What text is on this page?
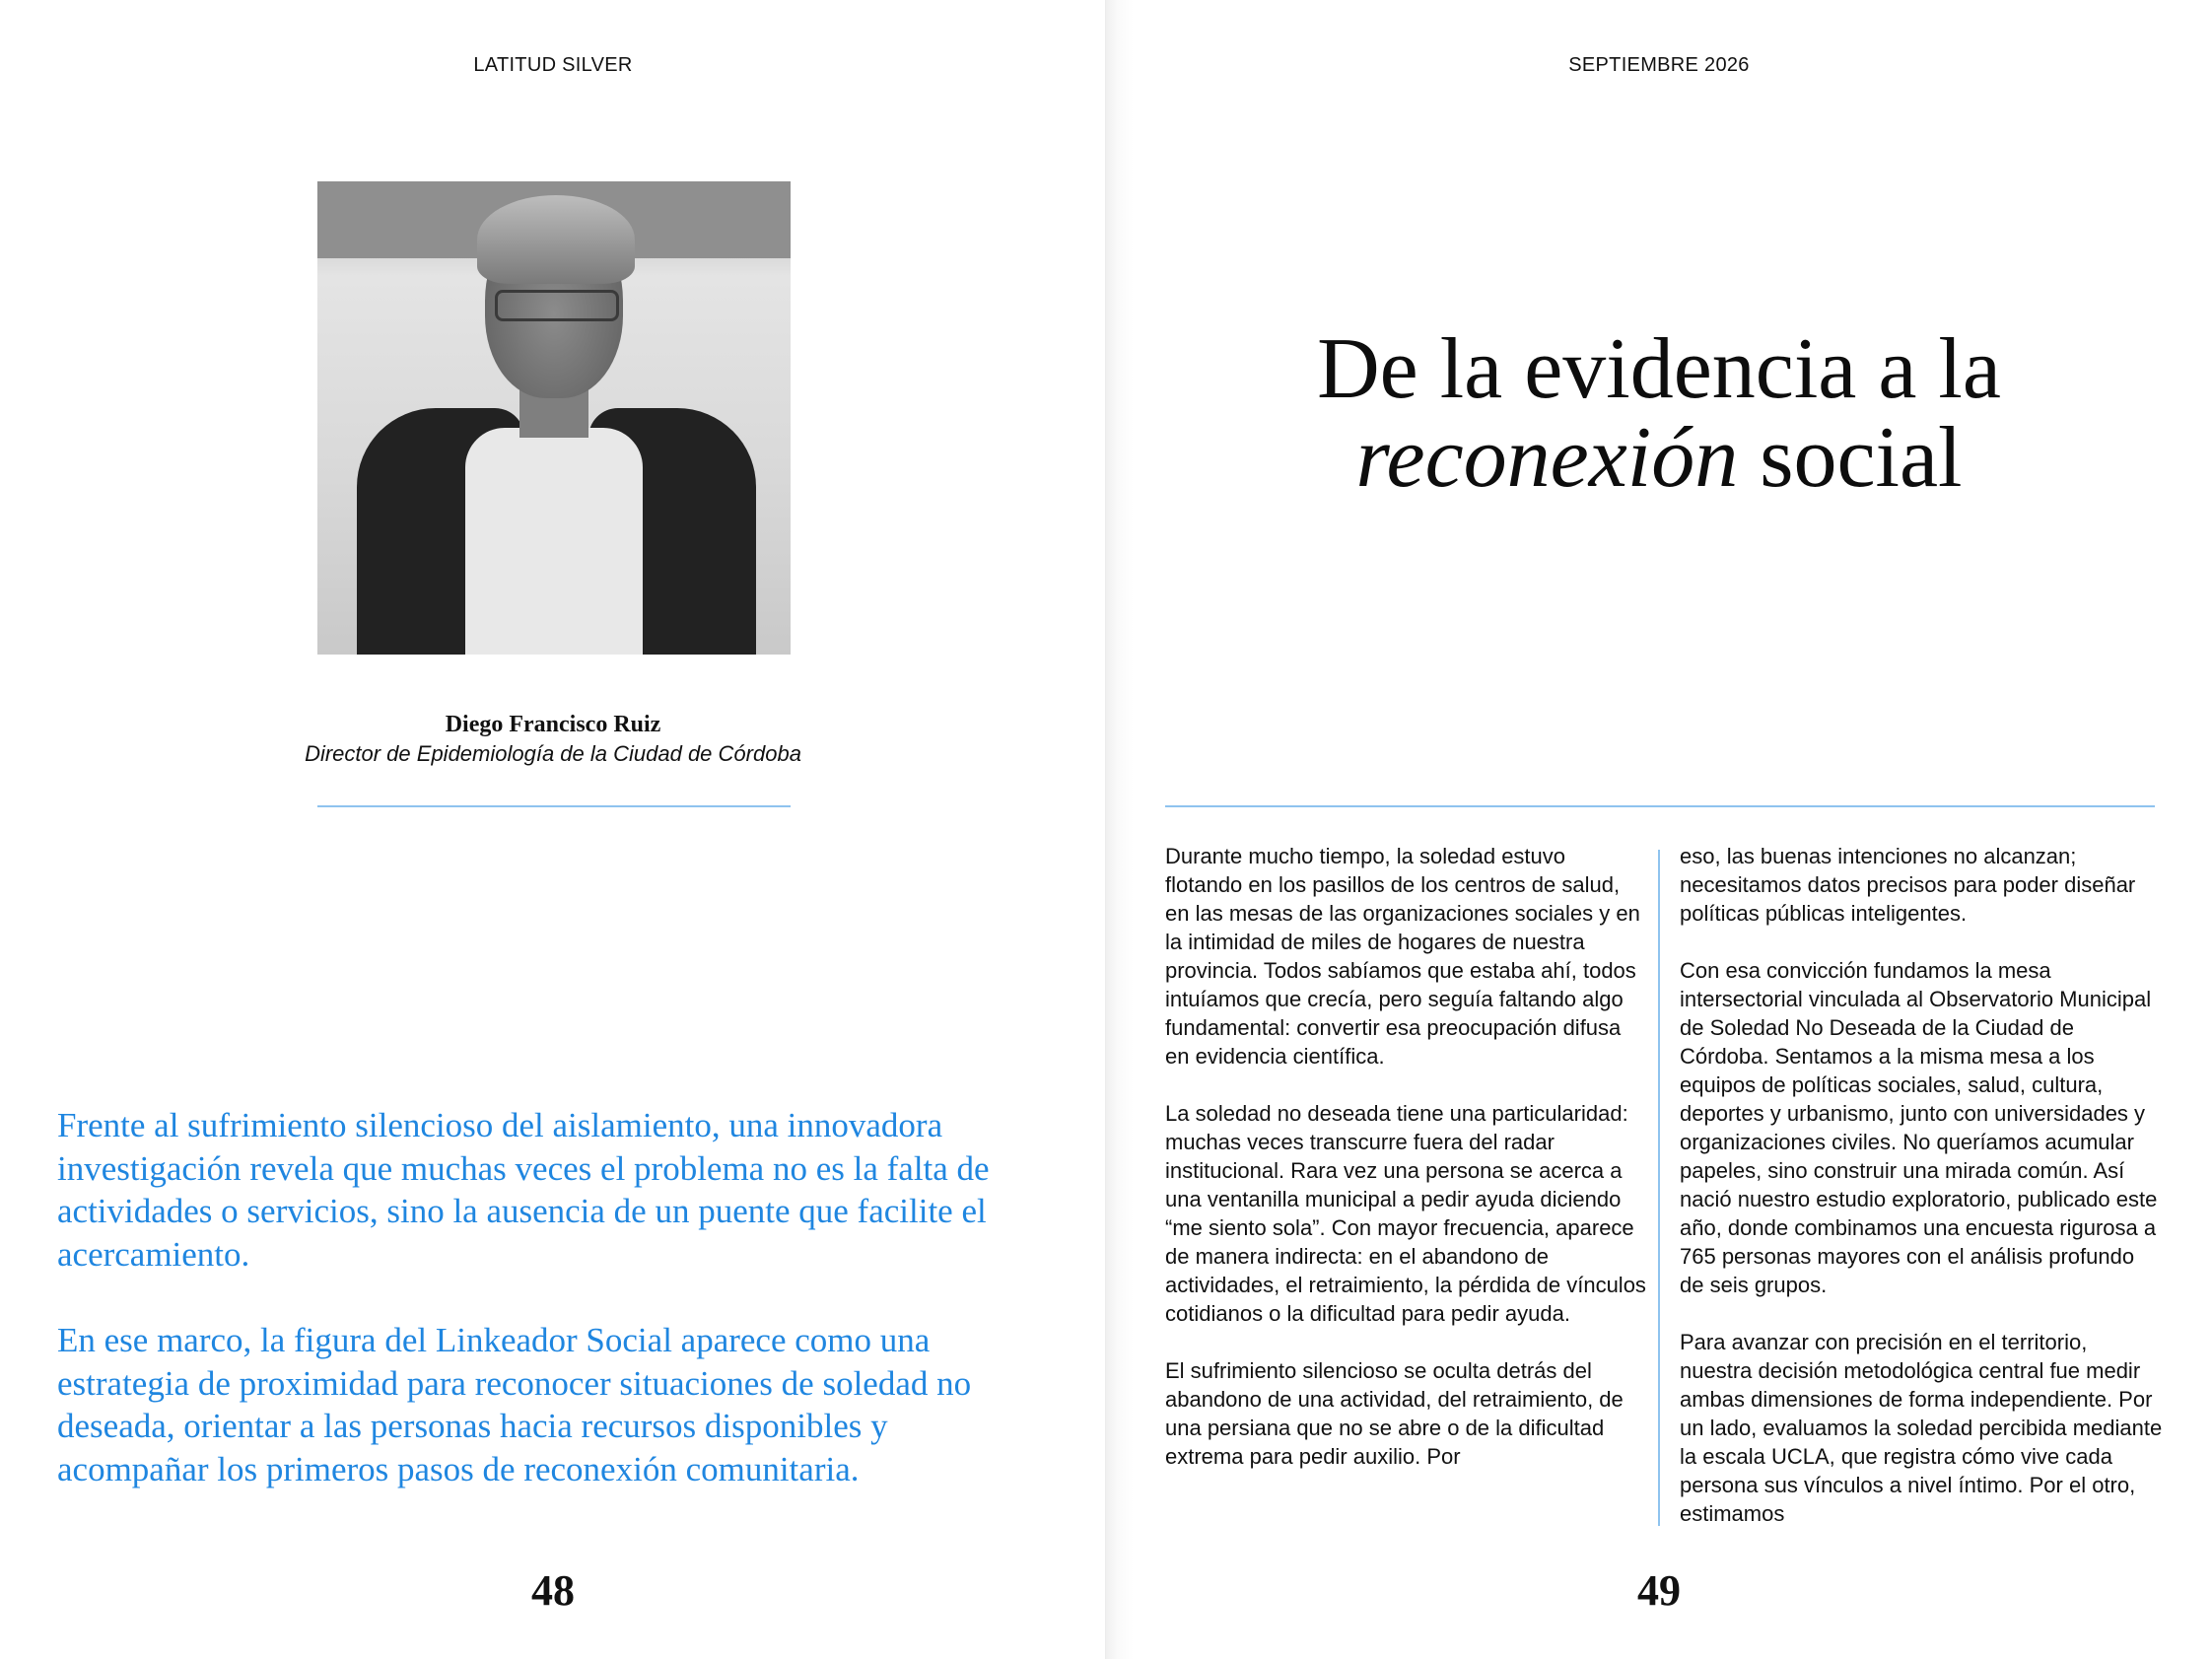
LATITUD SILVER
Diego Francisco Ruiz
Director de Epidemiología de la Ciudad de Córdoba

Frente al sufrimiento silencioso del aislamiento, una innovadora investigación revela que muchas veces el problema no es la falta de actividades o servicios, sino la ausencia de un puente que facilite el acercamiento.

En ese marco, la figura del Linkeador Social aparece como una estrategia de proximidad para reconocer situaciones de soledad no deseada, orientar a las personas hacia recursos disponibles y acompañar los primeros pasos de reconexión comunitaria.

48
SEPTIEMBRE 2026
De la evidencia a la
reconexión social

Durante mucho tiempo, la soledad estuvo flotando en los pasillos de los centros de salud, en las mesas de las organizaciones sociales y en la intimidad de miles de hogares de nuestra provincia. Todos sabíamos que estaba ahí, todos intuíamos que crecía, pero seguía faltando algo fundamental: convertir esa preocupación difusa en evidencia científica.

La soledad no deseada tiene una particularidad: muchas veces transcurre fuera del radar institucional. Rara vez una persona se acerca a una ventanilla municipal a pedir ayuda diciendo “me siento sola”. Con mayor frecuencia, aparece de manera indirecta: en el abandono de actividades, el retraimiento, la pérdida de vínculos cotidianos o la dificultad para pedir ayuda.

El sufrimiento silencioso se oculta detrás del abandono de una actividad, del retraimiento, de una persiana que no se abre o de la dificultad extrema para pedir auxilio. Por

eso, las buenas intenciones no alcanzan; necesitamos datos precisos para poder diseñar políticas públicas inteligentes.

Con esa convicción fundamos la mesa intersectorial vinculada al Observatorio Municipal de Soledad No Deseada de la Ciudad de Córdoba. Sentamos a la misma mesa a los equipos de políticas sociales, salud, cultura, deportes y urbanismo, junto con universidades y organizaciones civiles. No queríamos acumular papeles, sino construir una mirada común. Así nació nuestro estudio exploratorio, publicado este año, donde combinamos una encuesta rigurosa a 765 personas mayores con el análisis profundo de seis grupos.

Para avanzar con precisión en el territorio, nuestra decisión metodológica central fue medir ambas dimensiones de forma independiente. Por un lado, evaluamos la soledad percibida mediante la escala UCLA, que registra cómo vive cada persona sus vínculos a nivel íntimo. Por el otro, estimamos

49
